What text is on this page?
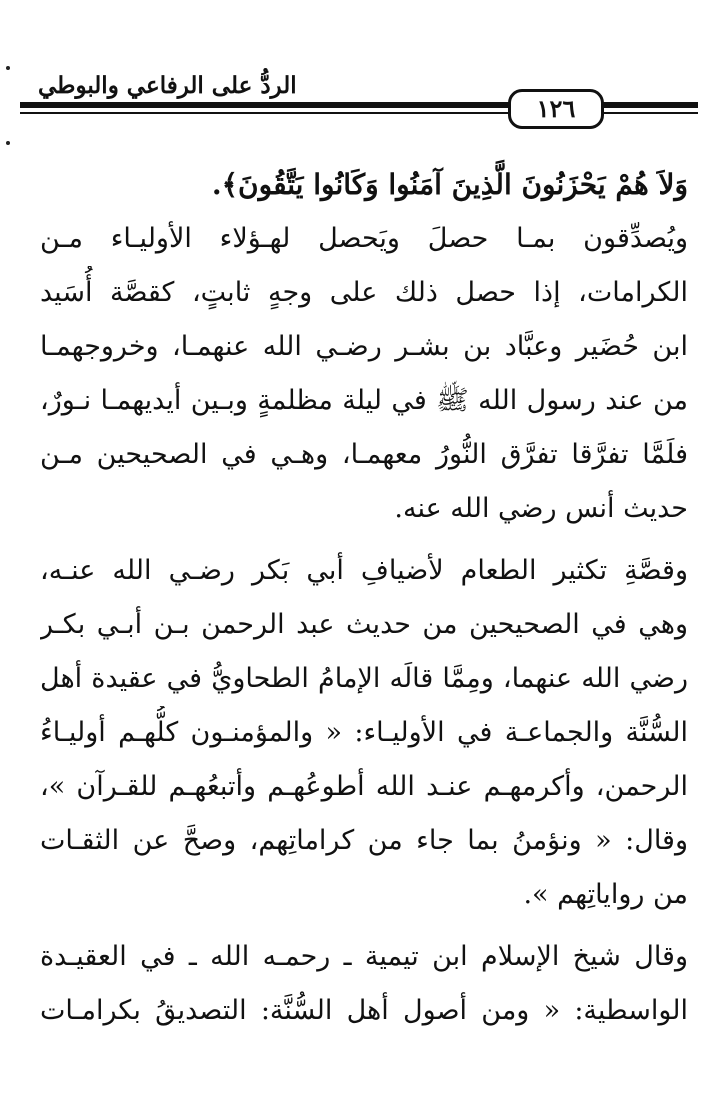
الردُّ على الرفاعي والبوطي
١٢٦
وَلاَ هُمْ يَحْزَنُونَ الَّذِينَ آمَنُوا وَكَانُوا يَتَّقُونَ﴾.
ويُصدِّقون بمـا حصلَ ويَحصل لهـؤلاء الأوليـاء مـن
الكرامات، إذا حصل ذلك على وجهٍ ثابتٍ، كقصَّة أُسَيد
ابن حُضَير وعبَّاد بن بشـر رضـي الله عنهمـا، وخروجهمـا
من عند رسول الله ﷺ في ليلة مظلمةٍ وبـين أيديهمـا نـورٌ،
فلَمَّا تفرَّقا تفرَّق النُّورُ معهمـا، وهـي في الصحيحين مـن
حديث أنس رضي الله عنه.
وقصَّةِ تكثير الطعام لأضيافِ أبي بَكر رضـي الله عنـه،
وهي في الصحيحين من حديث عبد الرحمن بـن أبـي بكـر
رضي الله عنهما، ومِمَّا قالَه الإمامُ الطحاويُّ في عقيدة أهل
السُّنَّة والجماعـة في الأوليـاء: « والمؤمنـون كلُّهـم أوليـاءُ
الرحمن، وأكرمهـم عنـد الله أطوعُهـم وأتبعُهـم للقـرآن »،
وقال: « ونؤمنُ بما جاء من كراماتِهم، وصحَّ عن الثقـات
من رواياتِهم ».
وقال شيخ الإسلام ابن تيمية ـ رحمـه الله ـ في العقيـدة
الواسطية: « ومن أصول أهل السُّنَّة: التصديقُ بكرامـات
